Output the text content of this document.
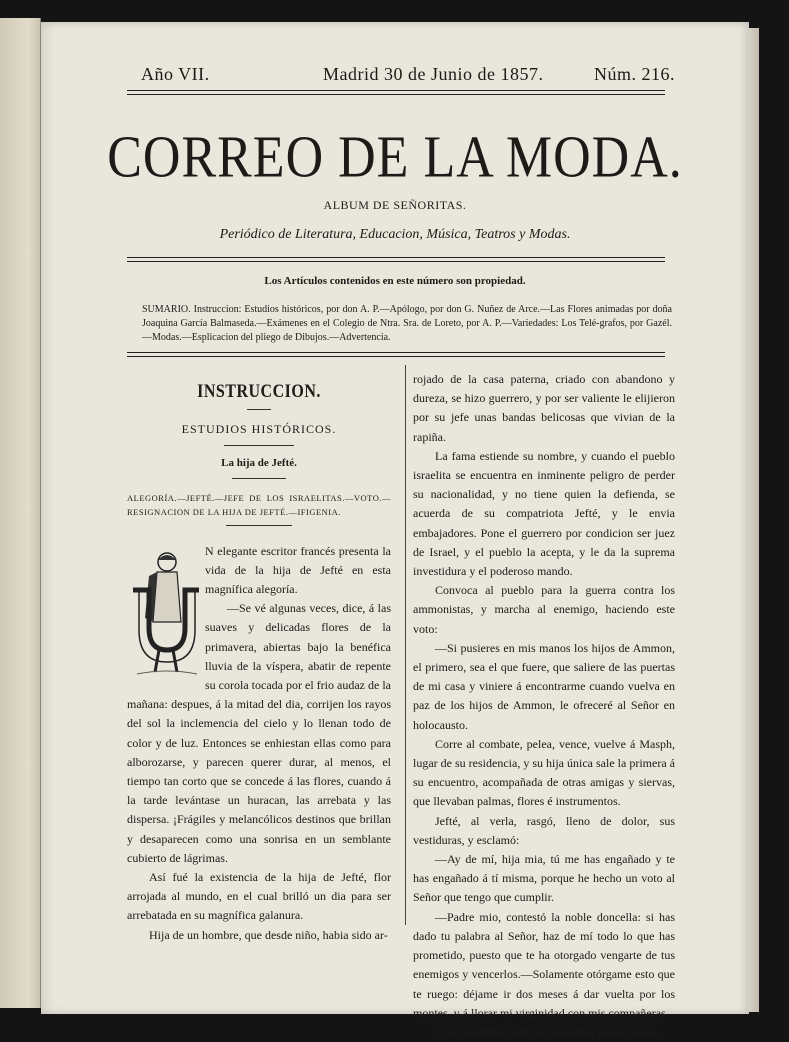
Año VII.	Madrid 30 de Junio de 1857.	Núm. 216.
CORREO DE LA MODA.
ALBUM DE SEÑORITAS.
Periódico de Literatura, Educacion, Música, Teatros y Modas.
Los Artículos contenidos en este número son propiedad.
SUMARIO. Instruccion: Estudios históricos, por don A. P.—Apólogo, por don G. Nuñez de Arce.—Las Flores animadas por doña Joaquina García Balmaseda.—Exámenes en el Colegio de Ntra. Sra. de Loreto, por A. P.—Variedades: Los Telé-grafos, por Gazél.—Modas.—Esplicacion del pliego de Dibujos.—Advertencia.
INSTRUCCION.
ESTUDIOS HISTÓRICOS.
La hija de Jefté.
ALEGORÍA.—JEFTÉ.—JEFE DE LOS ISRAELITAS.—VOTO.—RESIGNACION DE LA HIJA DE JEFTÉ.—IFIGENIA.

N elegante escritor francés presenta la vida de la hija de Jefté en esta magnífica alegoría.

—Se vé algunas veces, dice, á las suaves y delicadas flores de la primavera, abiertas bajo la benéfica lluvia de la víspera, abatir de repente su corola tocada por el frio audaz de la mañana: despues, á la mitad del dia, corrijen los rayos del sol la inclemencia del cielo y lo llenan todo de color y de luz. Entonces se enhiestan ellas como para alborozarse, y parecen querer durar, al menos, el tiempo tan corto que se concede á las flores, cuando á la tarde levántase un huracan, las arrebata y las dispersa. ¡Frágiles y melancólicos destinos que brillan y desaparecen como una sonrisa en un semblante cubierto de lágrimas.

Así fué la existencia de la hija de Jefté, flor arrojada al mundo, en el cual brilló un dia para ser arrebatada en su magnífica galanura.

Hija de un hombre, que desde niño, habia sido ar-

rojado de la casa paterna, criado con abandono y dureza, se hizo guerrero, y por ser valiente le elijieron por su jefe unas bandas belicosas que vivian de la rapiña.

La fama estiende su nombre, y cuando el pueblo israelita se encuentra en inminente peligro de perder su nacionalidad, y no tiene quien la defienda, se acuerda de su compatriota Jefté, y le envia embajadores. Pone el guerrero por condicion ser juez de Israel, y el pueblo la acepta, y le da la suprema investidura y el poderoso mando.

Convoca al pueblo para la guerra contra los ammonistas, y marcha al enemigo, haciendo este voto:

—Si pusieres en mis manos los hijos de Ammon, el primero, sea el que fuere, que saliere de las puertas de mi casa y viniere á encontrarme cuando vuelva en paz de los hijos de Ammon, le ofreceré al Señor en holocausto.

Corre al combate, pelea, vence, vuelve á Masph, lugar de su residencia, y su hija única sale la primera á su encuentro, acompañada de otras amigas y siervas, que llevaban palmas, flores é instrumentos.

Jefté, al verla, rasgó, lleno de dolor, sus vestiduras, y esclamó:

—Ay de mí, hija mia, tú me has engañado y te has engañado á tí misma, porque he hecho un voto al Señor que tengo que cumplir.

—Padre mio, contestó la noble doncella: si has dado tu palabra al Señor, haz de mí todo lo que has prometido, puesto que te ha otorgado vengarte de tus enemigos y vencerlos.—Solamente otórgame esto que te ruego: déjame ir dos meses á dar vuelta por los montes, y á llorar mi virginidad con mis compañeras.

Era costumbre entre los israelitas llorar las des-
